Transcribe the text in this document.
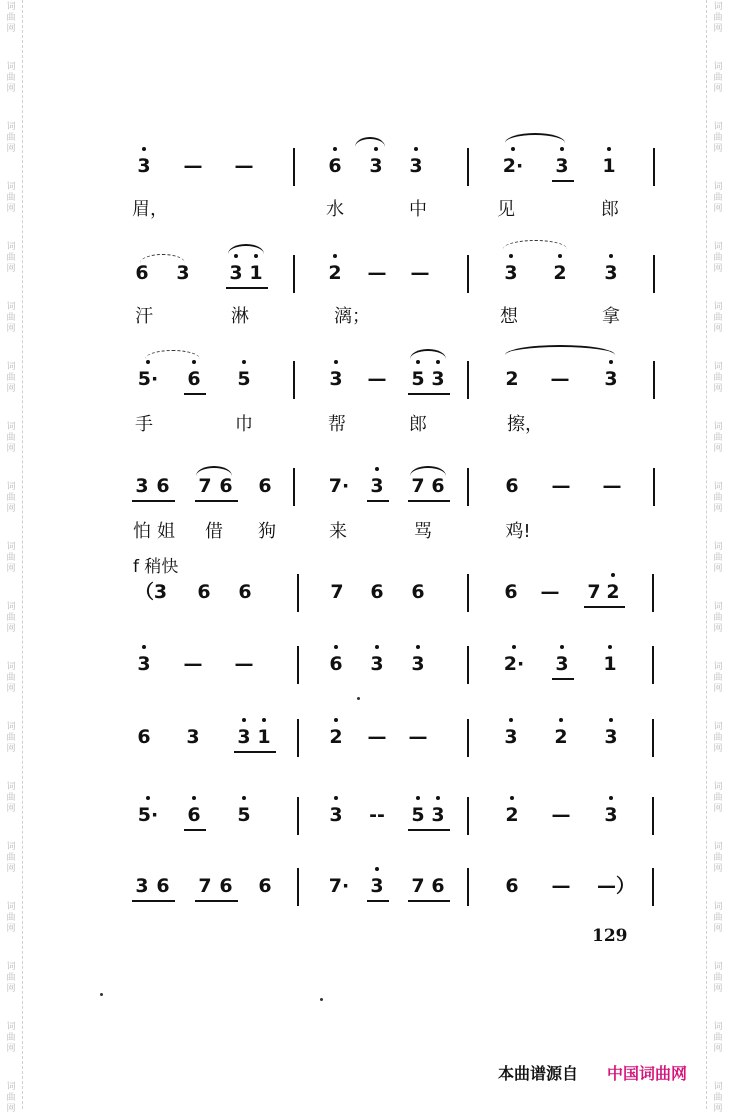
词
曲
网
词
曲
网
词
曲
网
词
曲
网
词
曲
网
词
曲
网
词
曲
网
词
曲
网
词
曲
网
词
曲
网
词
曲
网
词
曲
网
词
曲
网
词
曲
网
词
曲
网
词
曲
网
词
曲
网
词
曲
网
词
曲
网
词
曲
网
词
曲
网
词
曲
网
词
曲
网
词
曲
网
词
曲
网
词
曲
网
词
曲
网
词
曲
网
词
曲
网
词
曲
网
词
曲
网
词
曲
网
词
曲
网
词
曲
网
词
曲
网
词
曲
网
词
曲
网
词
曲
网
3 — —	6 3 3	2· 3 1
眉，	水	中	见	郎
6 3 3 1	2 — —	3 2 3
汗	淋	漓；	想	拿
5· 6 5	3 — 5 3	2 — 3
手	巾	帮	郎	擦，
3 6 7 6 6	7· 3 7 6	6 — —
怕 姐 借 狗	来	骂	鸡!
（3 6 6	7 6 6	6 — 7 2
3 — —	6 3 3	2· 3 1
6 3 3 1	2 — —	3 2 3
5· 6 5	3 -- 5 3	2 — 3
3 6 7 6 6	7· 3 7 6	6 — —）
f 稍快
129
本曲谱源自 中国词曲网
